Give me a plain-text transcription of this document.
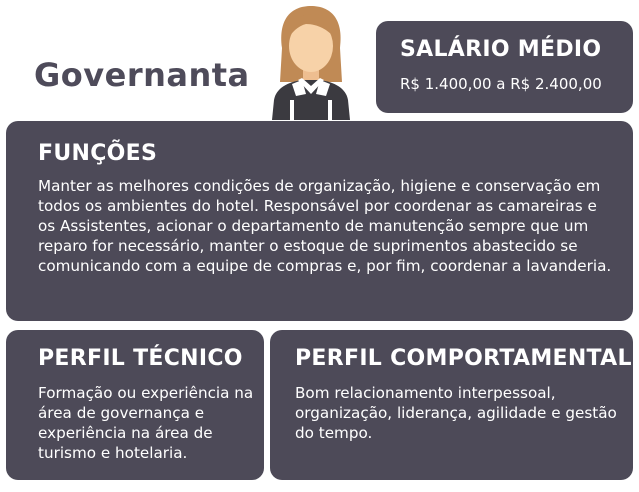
Governanta
SALÁRIO MÉDIO

R$ 1.400,00 a R$ 2.400,00

FUNÇÕES

Manter as melhores condições de organização, higiene e conservação em todos os ambientes do hotel. Responsável por coordenar as camareiras e os Assistentes, acionar o departamento de manutenção sempre que um reparo for necessário, manter o estoque de suprimentos abastecido se comunicando com a equipe de compras e, por fim, coordenar a lavanderia.

PERFIL TÉCNICO

Formação ou experiência na área de governança e experiência na área de turismo e hotelaria.

PERFIL COMPORTAMENTAL

Bom relacionamento interpessoal, organização, liderança, agilidade e gestão do tempo.
